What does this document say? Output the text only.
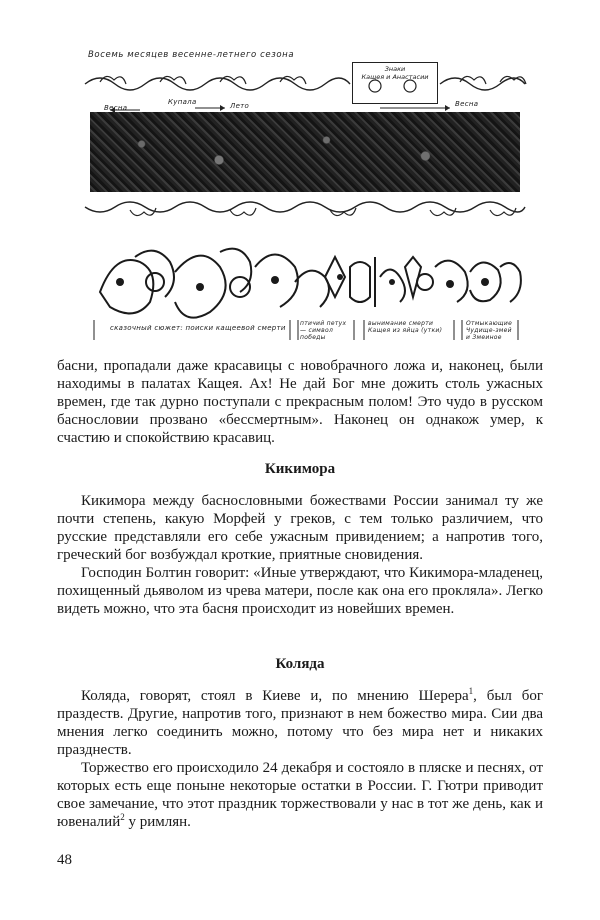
Восемь месяцев весенне-летнего сезона
Знаки
Кащея и Анастасии
Весна
Купала	Лето	Весна
сказочный сюжет: поиски кащеевой смерти
птичий петух — символ победы
вынимание смерти Кащея из яйца (утки)
Отмыкающие Чудище-змей и Змеиное

басни, пропадали даже красавицы с новобрачного ложа и, наконец, были находимы в палатах Кащея. Ах! Не дай Бог мне дожить столь ужасных времен, где так дурно поступали с прекрасным полом! Это чудо в русском баснословии прозвано «бессмертным». Наконец он однакож умер, к счастию и спокойствию красавиц.

Кикимора

Кикимора между баснословными божествами России занимал ту же почти степень, какую Морфей у греков, с тем только различием, что русские представляли его себе ужасным привидением; а напротив того, греческий бог возбуждал кроткие, приятные сновидения.

Господин Болтин говорит: «Иные утверждают, что Кикимора-младенец, похищенный дьяволом из чрева матери, после как она его прокляла». Легко видеть можно, что эта басня происходит из новейших времен.

Коляда

Коляда, говорят, стоял в Киеве и, по мнению Шерера$^1$, был бог праздеств. Другие, напротив того, признают в нем божество мира. Сии два мнения легко соединить можно, потому что без мира нет и никаких празднеств.

Торжество его происходило 24 декабря и состояло в пляске и песнях, от которых есть еще поныне некоторые остатки в России. Г. Гютри приводит свое замечание, что этот праздник торжествовали у нас в тот же день, как и ювеналий$^2$ у римлян.

48
